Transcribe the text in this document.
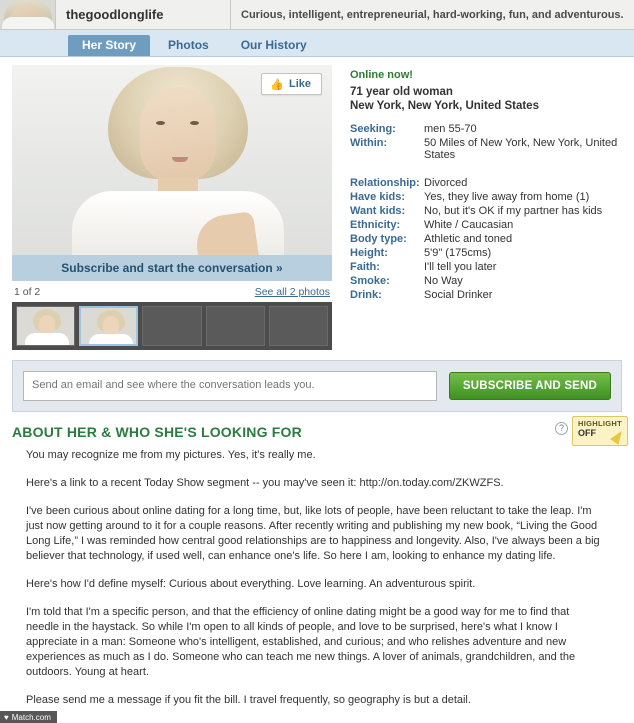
thegoodlonglife	Curious, intelligent, entrepreneurial, hard-working, fun, and adventurous.
Her Story	Photos	Our History
👍 Like
Subscribe and start the conversation »
1 of 2	See all 2 photos
Online now!
71 year old woman
New York, New York, United States
Seeking:	men 55-70
Within:	50 Miles of New York, New York, United States
Relationship:	Divorced
Have kids:	Yes, they live away from home (1)
Want kids:	No, but it's OK if my partner has kids
Ethnicity:	White / Caucasian
Body type:	Athletic and toned
Height:	5'9" (175cms)
Faith:	I'll tell you later
Smoke:	No Way
Drink:	Social Drinker
Send an email and see where the conversation leads you.
SUBSCRIBE AND SEND
?	HIGHLIGHT
OFF
ABOUT HER & WHO SHE'S LOOKING FOR

You may recognize me from my pictures. Yes, it's really me.

Here's a link to a recent Today Show segment -- you may've seen it: http://on.today.com/ZKWZFS.

I've been curious about online dating for a long time, but, like lots of people, have been reluctant to take the leap. I'm just now getting around to it for a couple reasons. After recently writing and publishing my new book, “Living the Good Long Life,” I was reminded how central good relationships are to happiness and longevity. Also, I've always been a big believer that technology, if used well, can enhance one's life. So here I am, looking to enhance my dating life.

Here's how I'd define myself: Curious about everything. Love learning. An adventurous spirit.

I'm told that I'm a specific person, and that the efficiency of online dating might be a good way for me to find that needle in the haystack. So while I'm open to all kinds of people, and love to be surprised, here's what I know I appreciate in a man: Someone who's intelligent, established, and curious; and who relishes adventure and new experiences as much as I do. Someone who can teach me new things. A lover of animals, grandchildren, and the outdoors. Young at heart.

Please send me a message if you fit the bill. I travel frequently, so geography is but a detail.

♥ Match.com
